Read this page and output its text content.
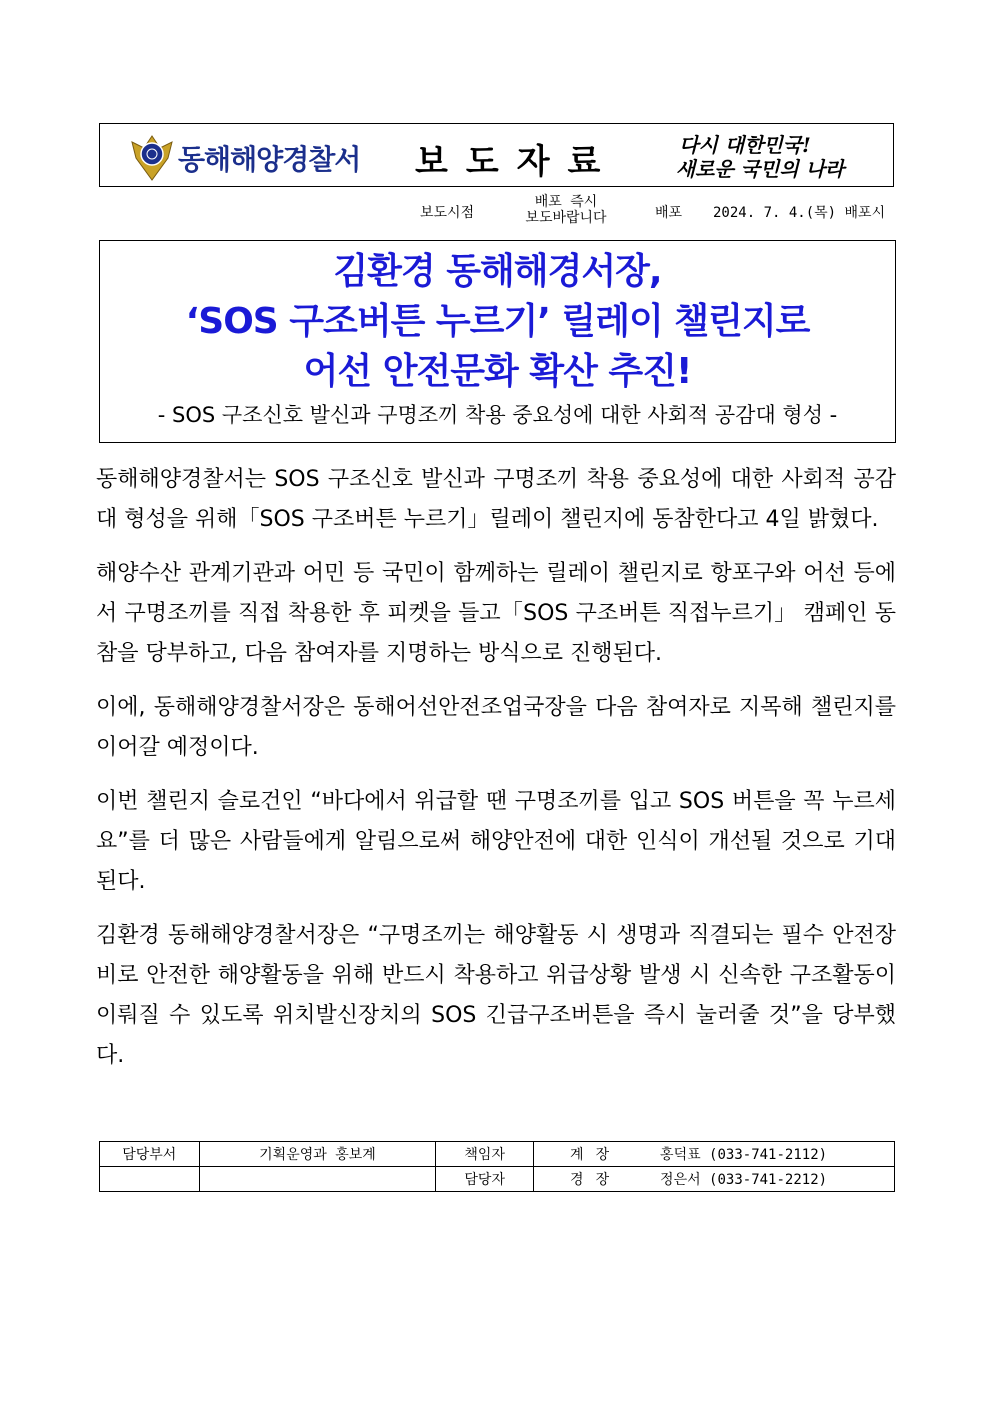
동해해양경찰서 보도자료	다시 대한민국!
새로운 국민의 나라
보도시점
배포 즉시
보도바랍니다	배포 2024. 7. 4.(목) 배포시
김환경 동해해경서장,
‘SOS 구조버튼 누르기’ 릴레이 챌린지로
어선 안전문화 확산 추진!
- SOS 구조신호 발신과 구명조끼 착용 중요성에 대한 사회적 공감대 형성 -

동해해양경찰서는 SOS 구조신호 발신과 구명조끼 착용 중요성에 대한 사회적 공감대 형성을 위해「SOS 구조버튼 누르기」릴레이 챌린지에 동참한다고 4일 밝혔다.

해양수산 관계기관과 어민 등 국민이 함께하는 릴레이 챌린지로 항포구와 어선 등에서 구명조끼를 직접 착용한 후 피켓을 들고「SOS 구조버튼 직접누르기」 캠페인 동참을 당부하고, 다음 참여자를 지명하는 방식으로 진행된다.

이에, 동해해양경찰서장은 동해어선안전조업국장을 다음 참여자로 지목해 챌린지를 이어갈 예정이다.

이번 챌린지 슬로건인 “바다에서 위급할 땐 구명조끼를 입고 SOS 버튼을 꼭 누르세요”를 더 많은 사람들에게 알림으로써 해양안전에 대한 인식이 개선될 것으로 기대된다.

김환경 동해해양경찰서장은 “구명조끼는 해양활동 시 생명과 직결되는 필수 안전장비로 안전한 해양활동을 위해 반드시 착용하고 위급상황 발생 시 신속한 구조활동이 이뤄질 수 있도록 위치발신장치의 SOS 긴급구조버튼을 즉시 눌러줄 것”을 당부했다.

담당부서	기획운영과 홍보계	책임자	계장 홍덕표 (033-741-2112)
		담당자	경장 정은서 (033-741-2212)
